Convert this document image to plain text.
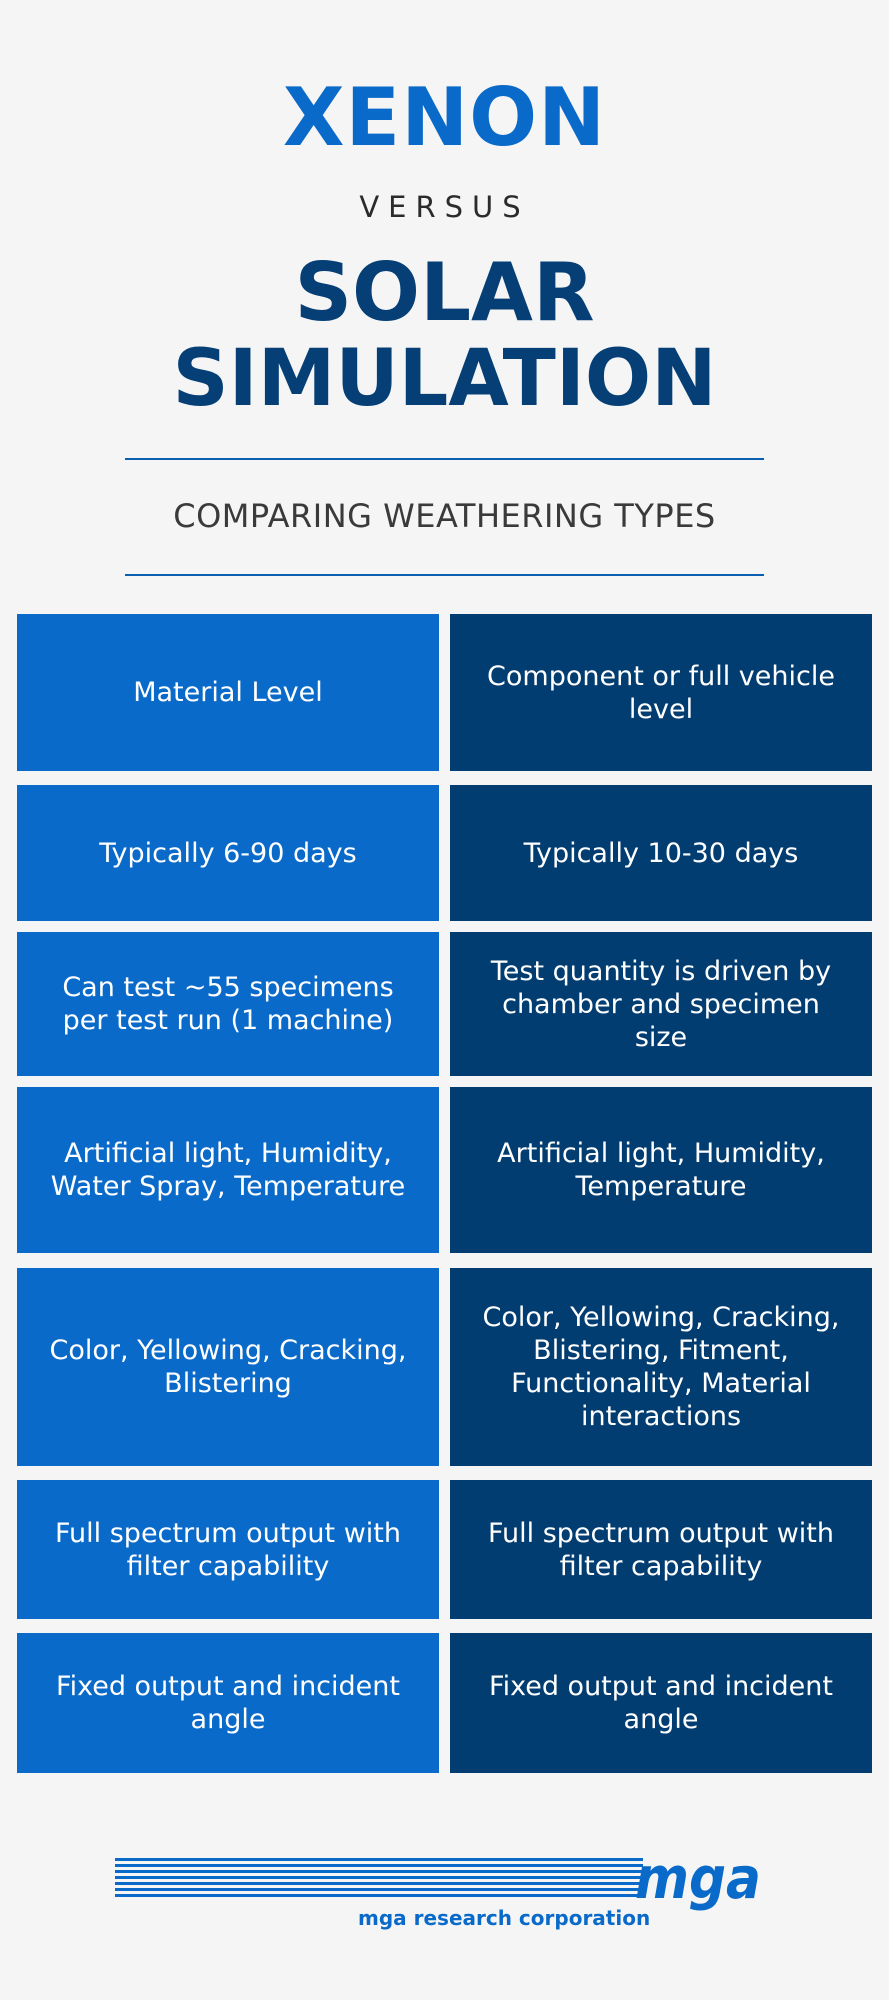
XENON
VERSUS
SOLAR
SIMULATION
COMPARING WEATHERING TYPES
Material Level
Component or full vehicle level
Typically 6-90 days	Typically 10-30 days
Can test ~55 specimens per test run (1 machine)
Test quantity is driven by chamber and specimen size
Artificial light, Humidity, Water Spray, Temperature
Artificial light, Humidity, Temperature
Color, Yellowing, Cracking, Blistering
Color, Yellowing, Cracking, Blistering, Fitment, Functionality, Material interactions
Full spectrum output with filter capability
Full spectrum output with filter capability
Fixed output and incident angle
Fixed output and incident angle
mga
mga research corporation
